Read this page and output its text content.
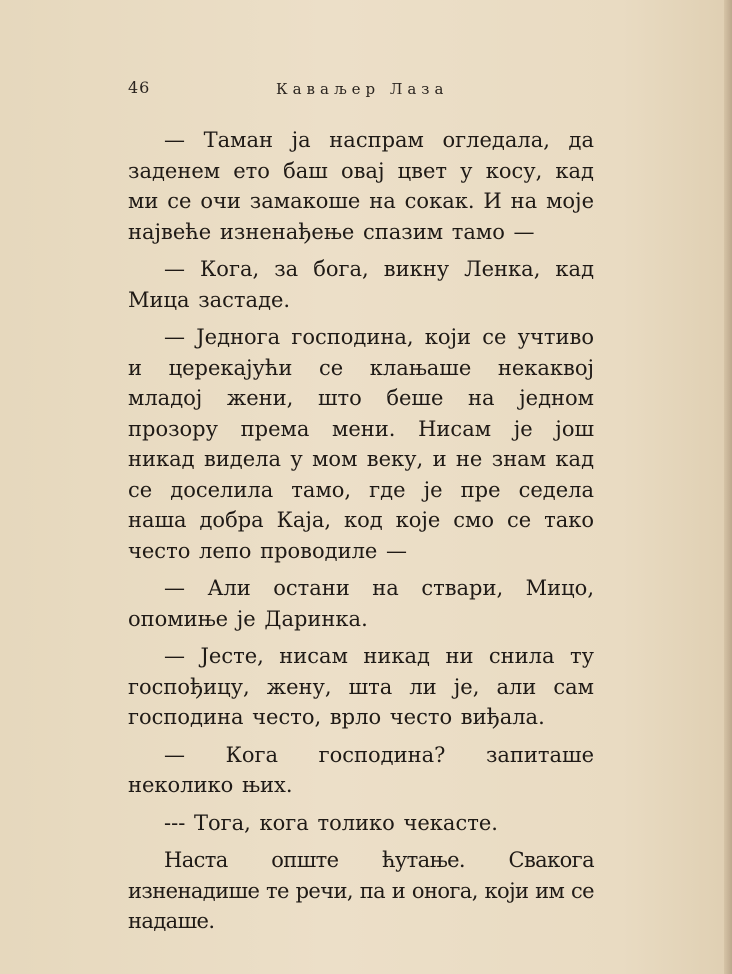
46	Каваљер Лаза

— Таман ја наспрам огледала, да заденем ето баш овај цвет у косу, кад ми се очи замакоше на сокак. И на моје највеће изненађење спазим тамо —

— Кога, за бога, викну Ленка, кад Мица застаде.

— Једнога господина, који се учтиво и церекајући се клањаше некаквој младој жени, што беше на једном прозору према мени. Нисам је још никад видела у мом веку, и не знам кад се доселила тамо, где је пре седела наша добра Каја, код које смо се тако често лепо проводиле —

— Али остани на ствари, Мицо, опомиње је Даринка.

— Јесте, нисам никад ни снила ту госпођицу, жену, шта ли је, али сам господина често, врло често виђала.

— Кога господина? запиташе неколико њих.

--- Тога, кога толико чекасте.

Наста опште ћутање. Свакога изненадише те речи, па и онога, који им се надаше.
